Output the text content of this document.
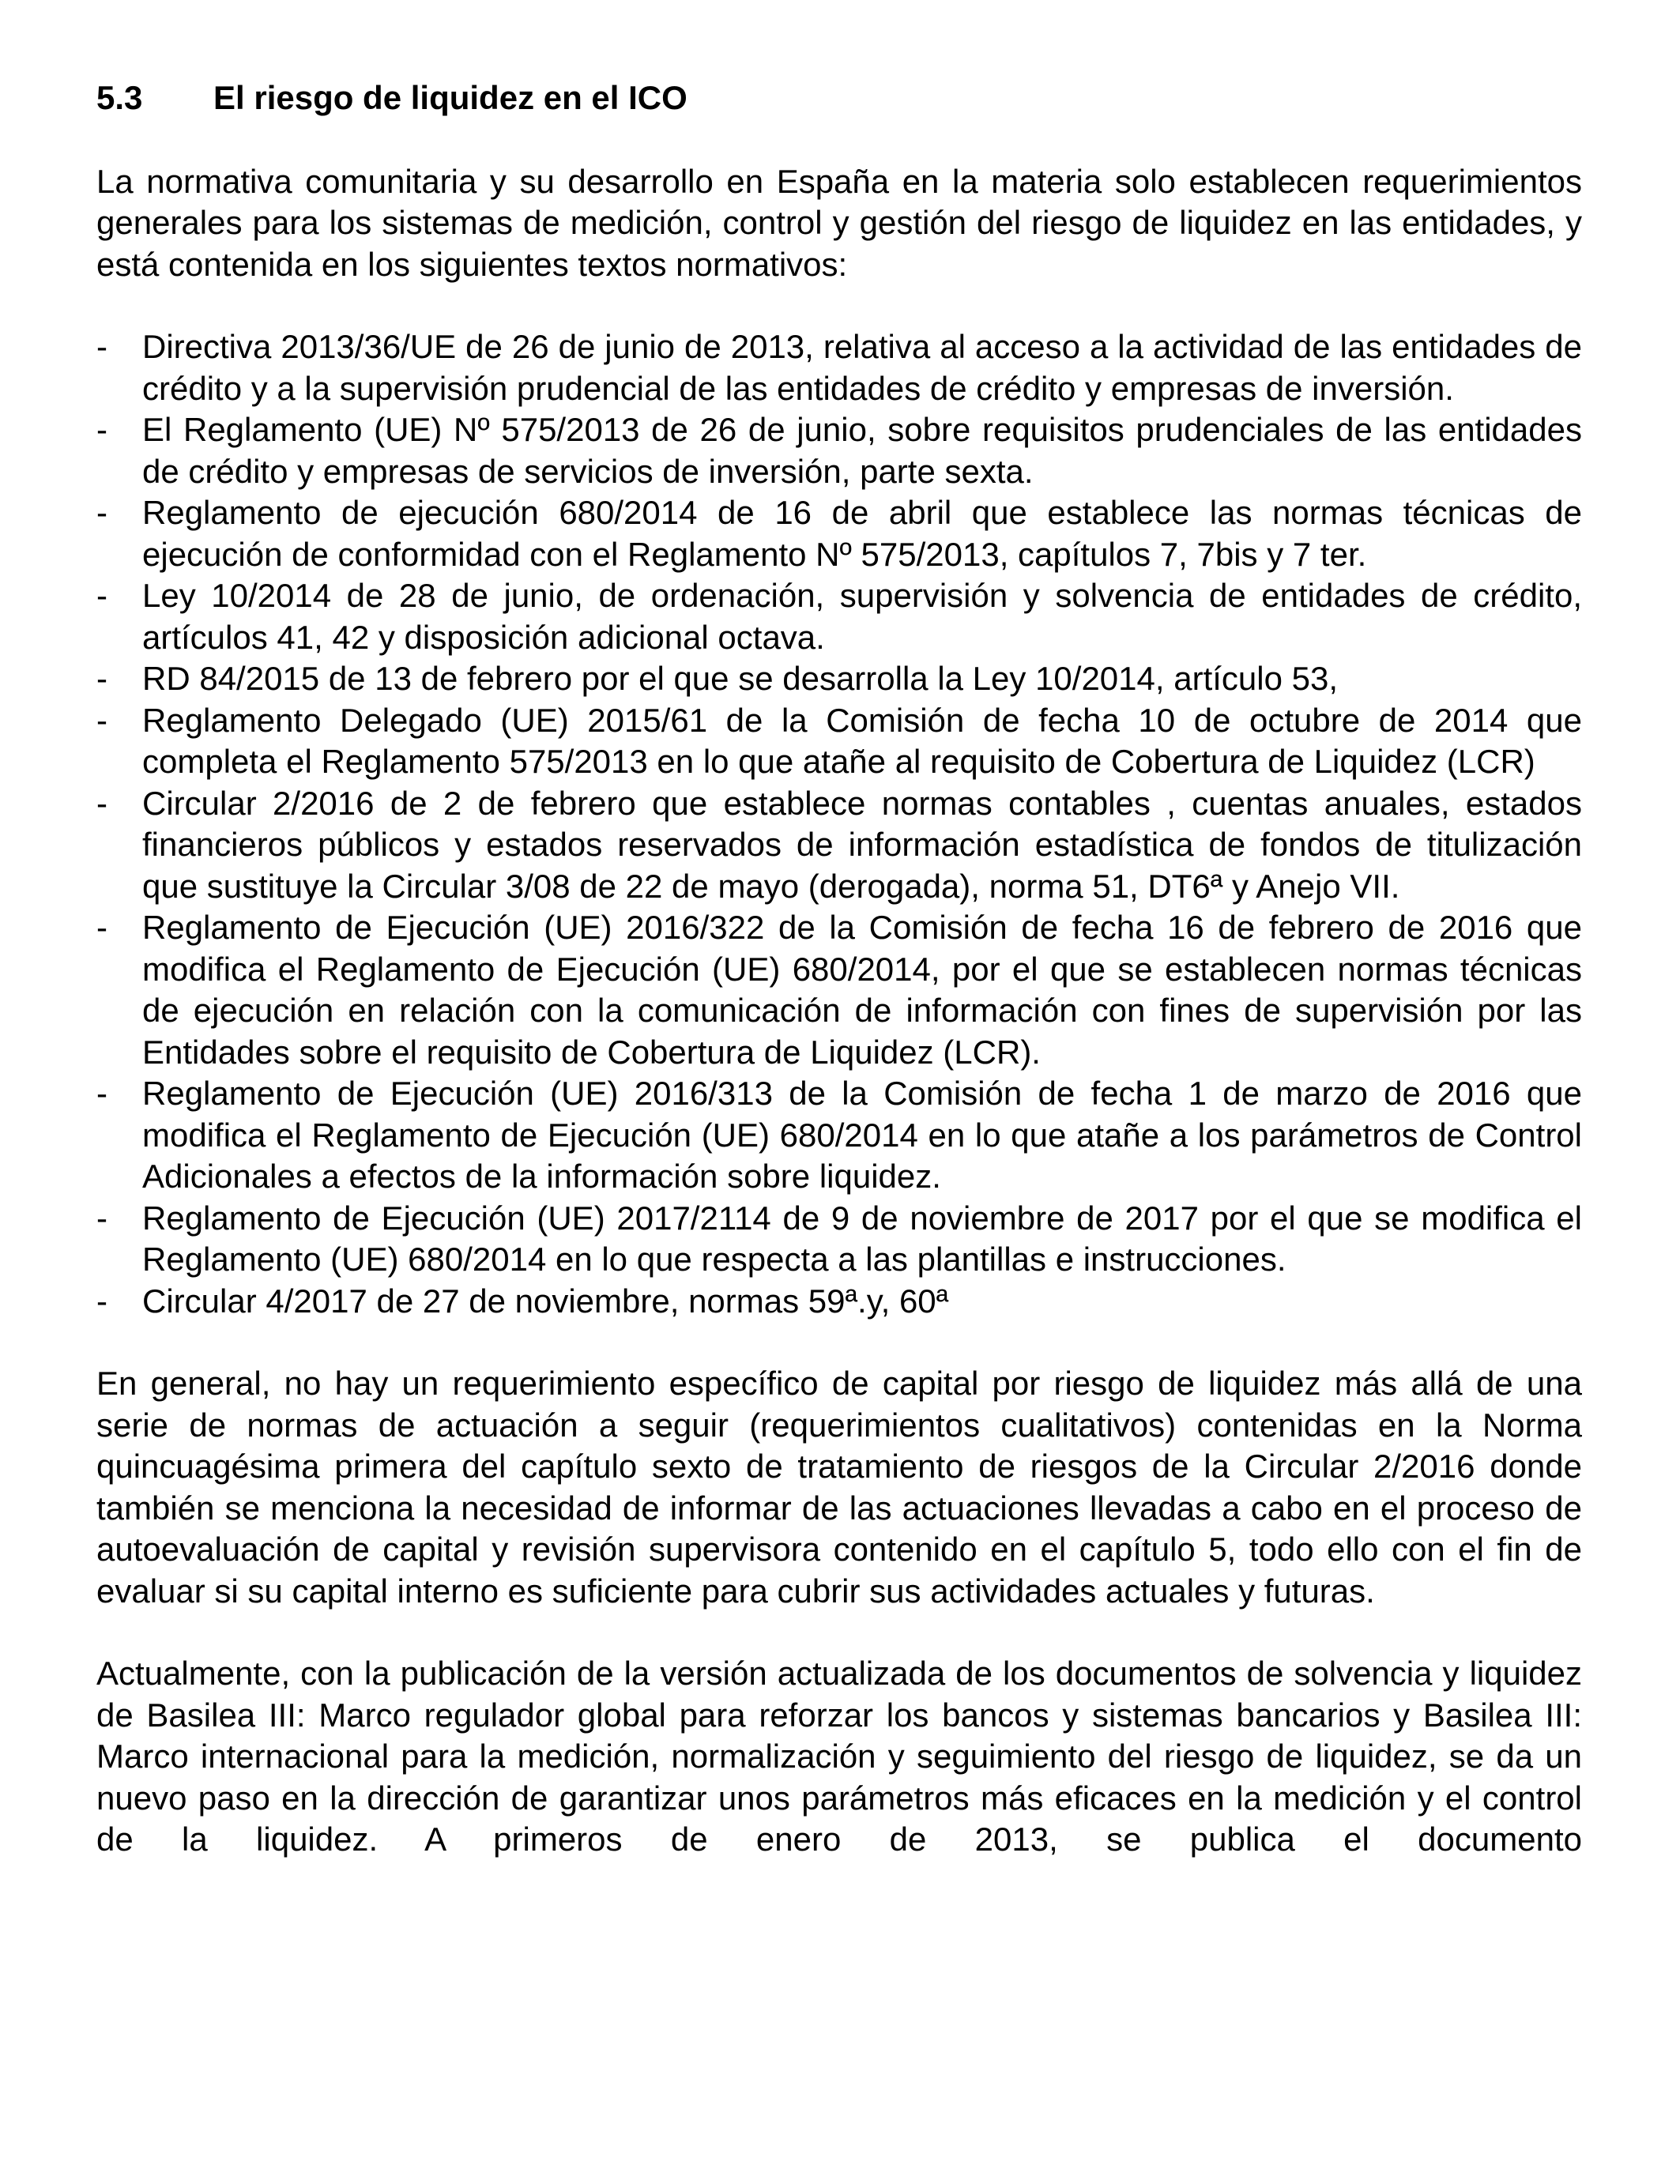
5.3	El riesgo de liquidez en el ICO

La normativa comunitaria y su desarrollo en España en la materia solo establecen requerimientos generales para los sistemas de medición, control y gestión del riesgo de liquidez en las entidades, y está contenida en los siguientes textos normativos:

- Directiva 2013/36/UE de 26 de junio de 2013, relativa al acceso a la actividad de las entidades de crédito y a la supervisión prudencial de las entidades de crédito y empresas de inversión.
- El Reglamento (UE) Nº 575/2013 de 26 de junio, sobre requisitos prudenciales de las entidades de crédito y empresas de servicios de inversión, parte sexta.
- Reglamento de ejecución 680/2014 de 16 de abril que establece las normas técnicas de ejecución de conformidad con el Reglamento Nº 575/2013, capítulos 7, 7bis y 7 ter.
- Ley 10/2014 de 28 de junio, de ordenación, supervisión y solvencia de entidades de crédito, artículos 41, 42 y disposición adicional octava.
- RD 84/2015 de 13 de febrero por el que se desarrolla la Ley 10/2014, artículo 53,
- Reglamento Delegado (UE) 2015/61 de la Comisión de fecha 10 de octubre de 2014 que completa el Reglamento 575/2013 en lo que atañe al requisito de Cobertura de Liquidez (LCR)
- Circular 2/2016 de 2 de febrero que establece normas contables , cuentas anuales, estados financieros públicos y estados reservados de información estadística de fondos de titulización que sustituye la Circular 3/08 de 22 de mayo (derogada), norma 51, DT6ª y Anejo VII.
- Reglamento de Ejecución (UE) 2016/322 de la Comisión de fecha 16 de febrero de 2016 que modifica el Reglamento de Ejecución (UE) 680/2014, por el que se establecen normas técnicas de ejecución en relación con la comunicación de información con fines de supervisión por las Entidades sobre el requisito de Cobertura de Liquidez (LCR).
- Reglamento de Ejecución (UE) 2016/313 de la Comisión de fecha 1 de marzo de 2016 que modifica el Reglamento de Ejecución (UE) 680/2014 en lo que atañe a los parámetros de Control Adicionales a efectos de la información sobre liquidez.
- Reglamento de Ejecución (UE) 2017/2114 de 9 de noviembre de 2017 por el que se modifica el Reglamento (UE) 680/2014 en lo que respecta a las plantillas e instrucciones.
- Circular 4/2017 de 27 de noviembre, normas 59ª.y, 60ª

En general, no hay un requerimiento específico de capital por riesgo de liquidez más allá de una serie de normas de actuación a seguir (requerimientos cualitativos) contenidas en la Norma quincuagésima primera del capítulo sexto de tratamiento de riesgos de la Circular 2/2016 donde también se menciona la necesidad de informar de las actuaciones llevadas a cabo en el proceso de autoevaluación de capital y revisión supervisora contenido en el capítulo 5, todo ello con el fin de evaluar si su capital interno es suficiente para cubrir sus actividades actuales y futuras.

Actualmente, con la publicación de la versión actualizada de los documentos de solvencia y liquidez de Basilea III: Marco regulador global para reforzar los bancos y sistemas bancarios y Basilea III: Marco internacional para la medición, normalización y seguimiento del riesgo de liquidez, se da un nuevo paso en la dirección de garantizar unos parámetros más eficaces en la medición y el control de la liquidez. A primeros de enero de 2013, se publica el documento
